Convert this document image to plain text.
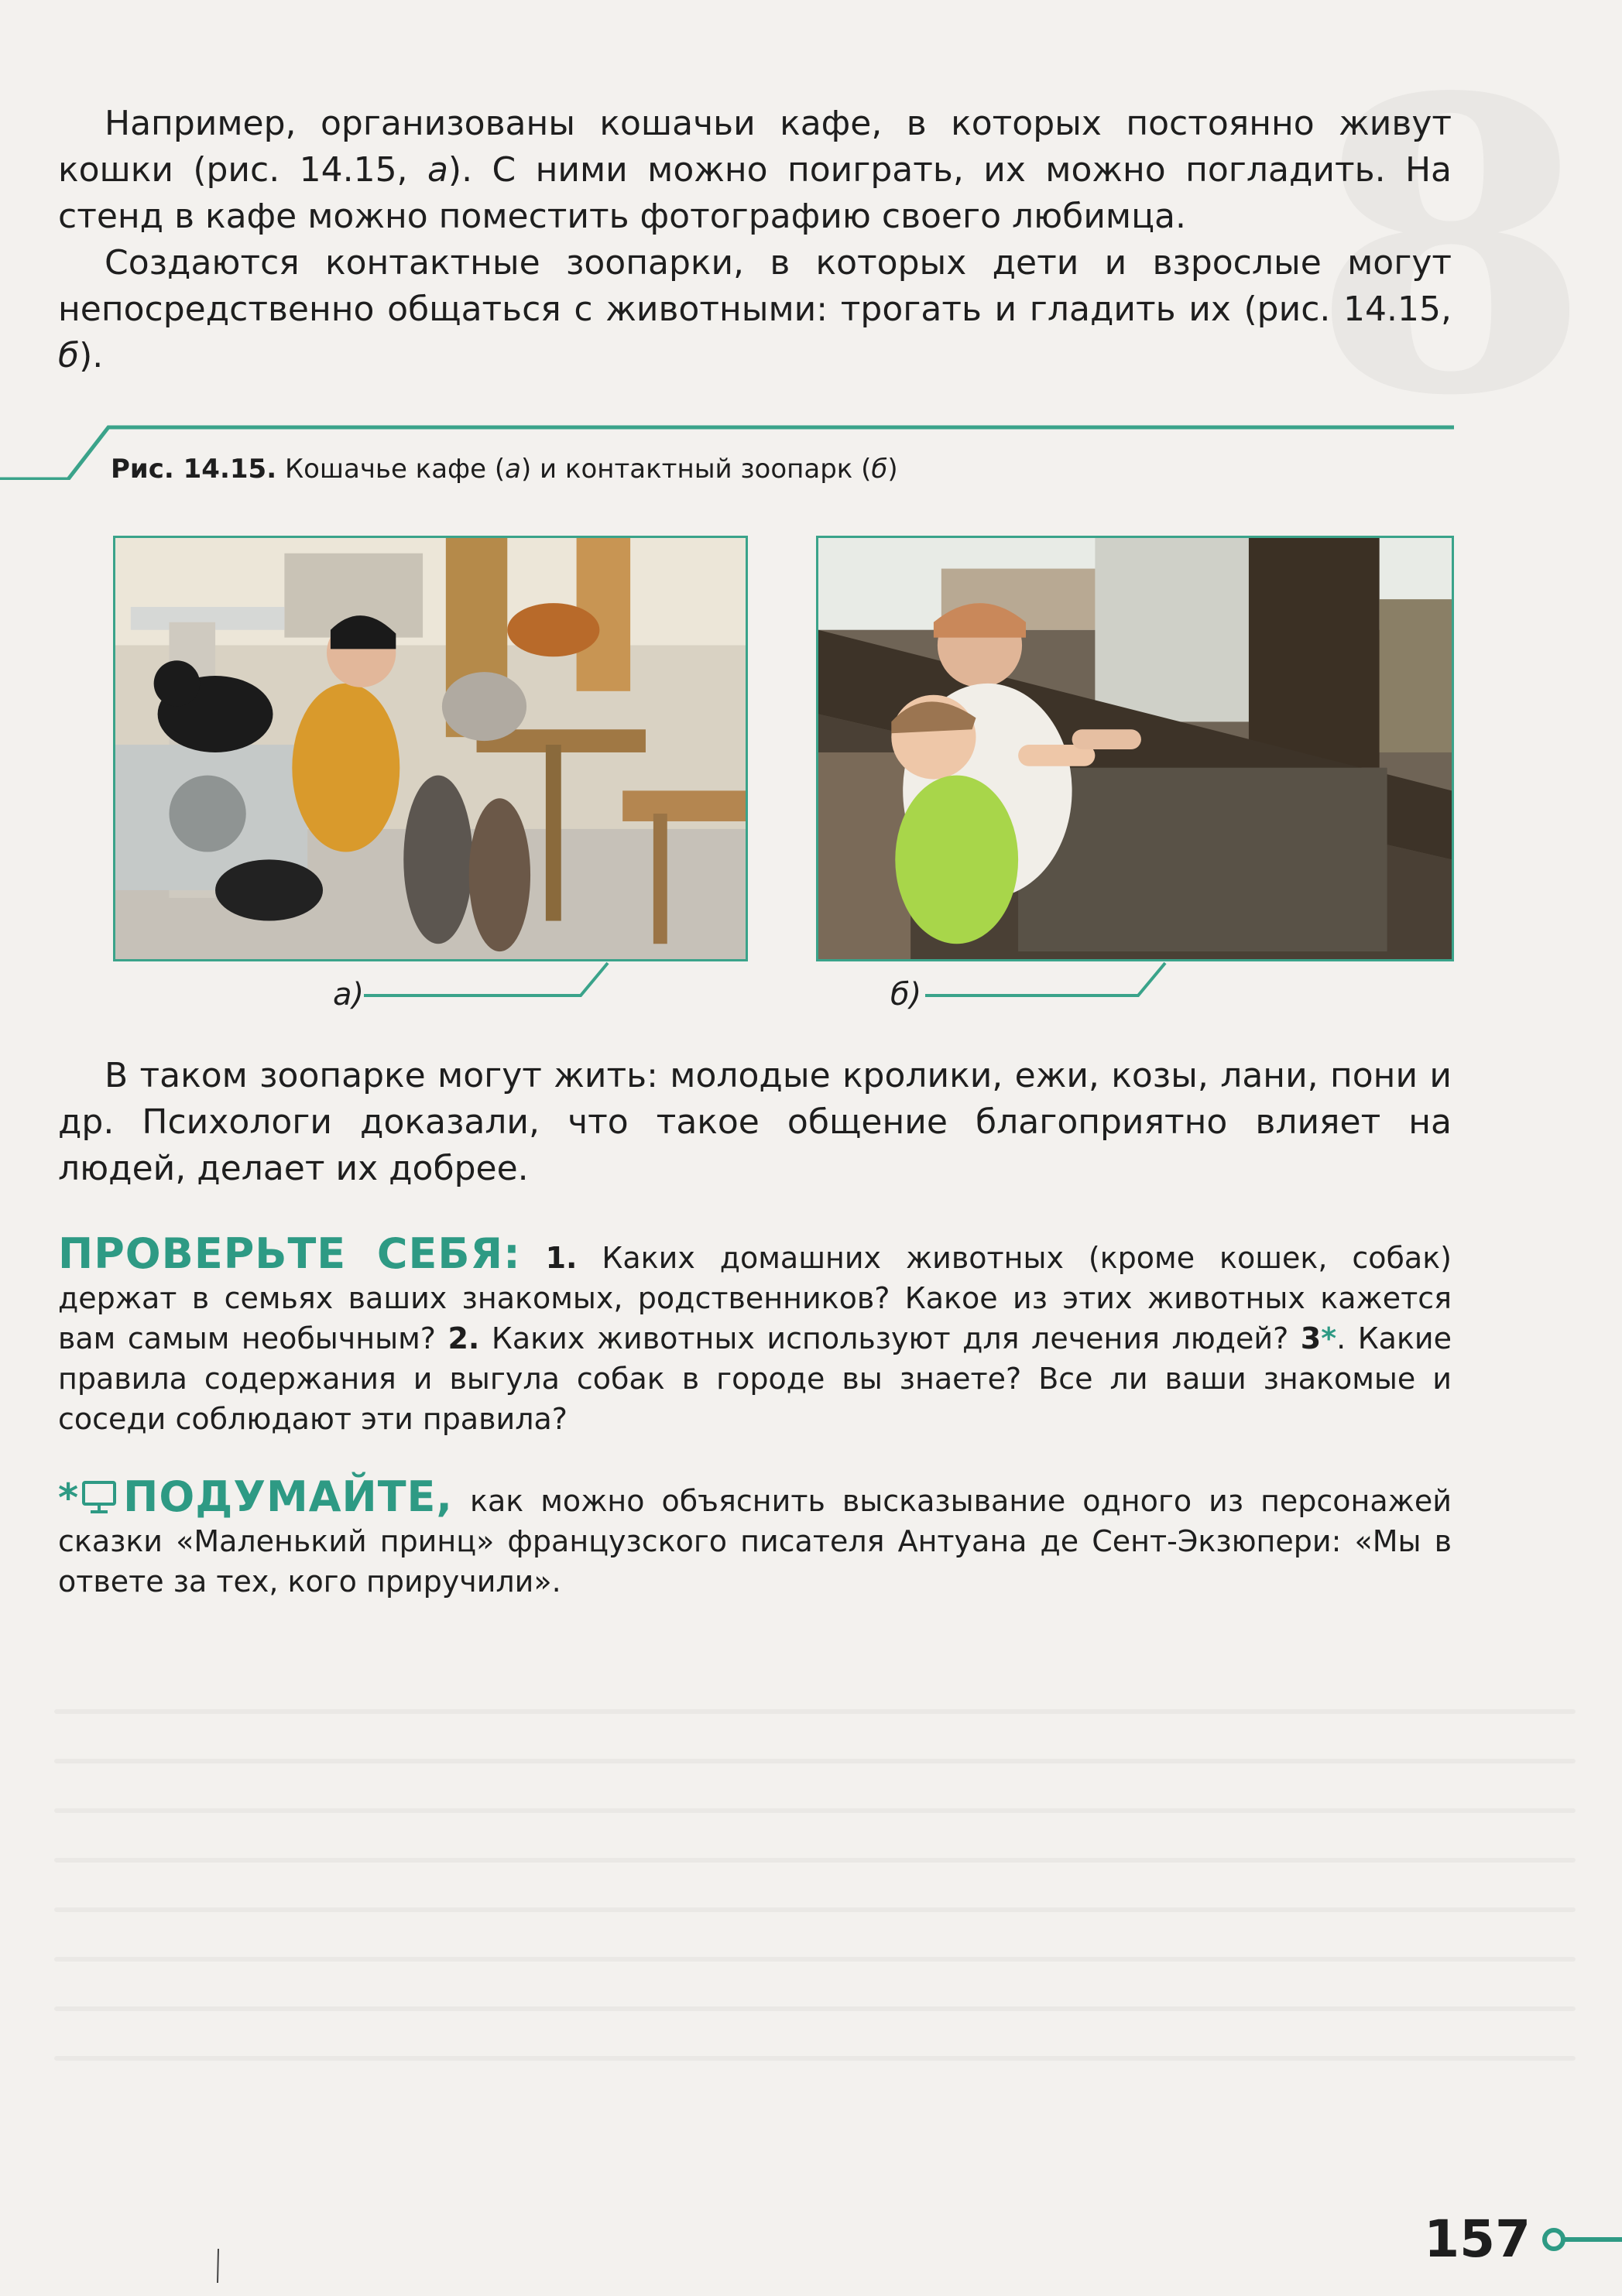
8

Например, организованы кошачьи кафе, в которых постоянно живут кошки (рис. 14.15, а). С ними можно поиграть, их можно погладить. На стенд в кафе можно поместить фотографию своего любимца.

Создаются контактные зоопарки, в которых дети и взрослые могут непосредственно общаться с животными: трогать и гладить их (рис. 14.15, б).

Рис. 14.15. Кошачье кафе (а) и контактный зоопарк (б)
а)	б)

В таком зоопарке могут жить: молодые кролики, ежи, козы, лани, пони и др. Психологи доказали, что такое общение благоприятно влияет на людей, делает их добрее.

ПРОВЕРЬТЕ СЕБЯ: 1. Каких домашних животных (кроме кошек, собак) держат в семьях ваших знакомых, родственников? Какое из этих животных кажется вам самым необычным? 2. Каких животных используют для лечения людей? 3*. Какие правила содержания и выгула собак в городе вы знаете? Все ли ваши знакомые и соседи соблюдают эти правила?

* ПОДУМАЙТЕ, как можно объяснить высказывание одного из персонажей сказки «Маленький принц» французского писателя Антуана де Сент-Экзюпери: «Мы в ответе за тех, кого приручили».

157
